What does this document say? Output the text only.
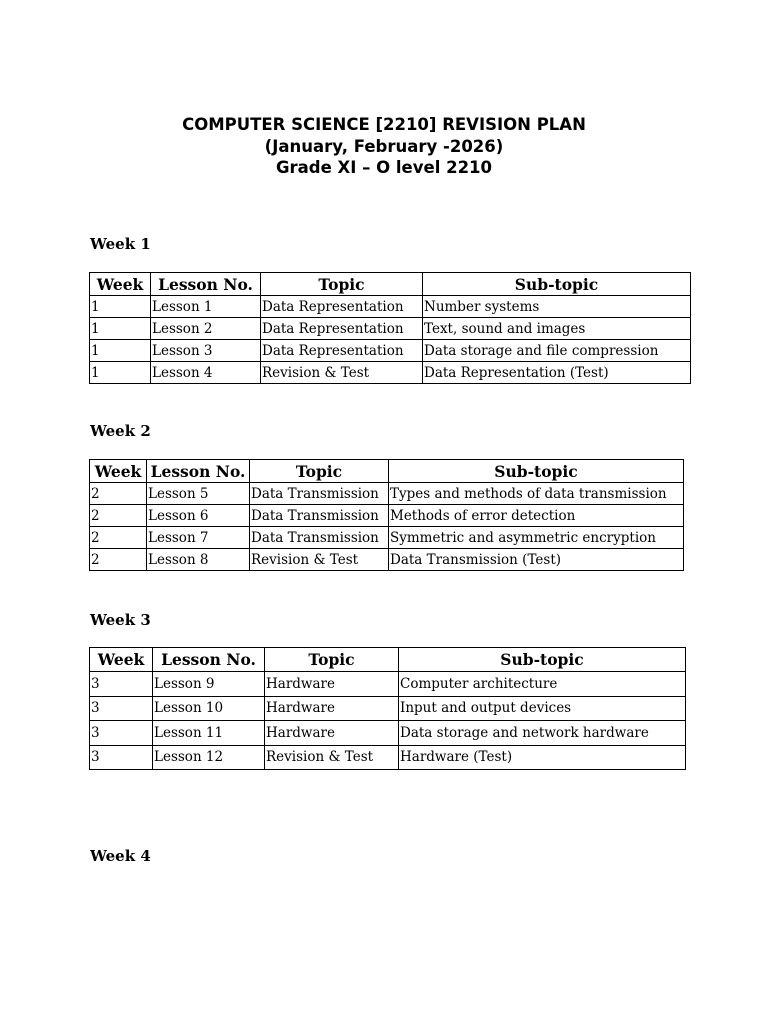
COMPUTER SCIENCE [2210] REVISION PLAN
(January, February -2026)
Grade XI – O level 2210
Week 1
Week	Lesson No.	Topic	Sub-topic
1	Lesson 1	Data Representation	Number systems
1	Lesson 2	Data Representation	Text, sound and images
1	Lesson 3	Data Representation	Data storage and file compression
1	Lesson 4	Revision & Test	Data Representation (Test)
Week 2
Week	Lesson No.	Topic	Sub-topic
2	Lesson 5	Data Transmission	Types and methods of data transmission
2	Lesson 6	Data Transmission	Methods of error detection
2	Lesson 7	Data Transmission	Symmetric and asymmetric encryption
2	Lesson 8	Revision & Test	Data Transmission (Test)
Week 3
Week	Lesson No.	Topic	Sub-topic
3	Lesson 9	Hardware	Computer architecture
3	Lesson 10	Hardware	Input and output devices
3	Lesson 11	Hardware	Data storage and network hardware
3	Lesson 12	Revision & Test	Hardware (Test)
Week 4
